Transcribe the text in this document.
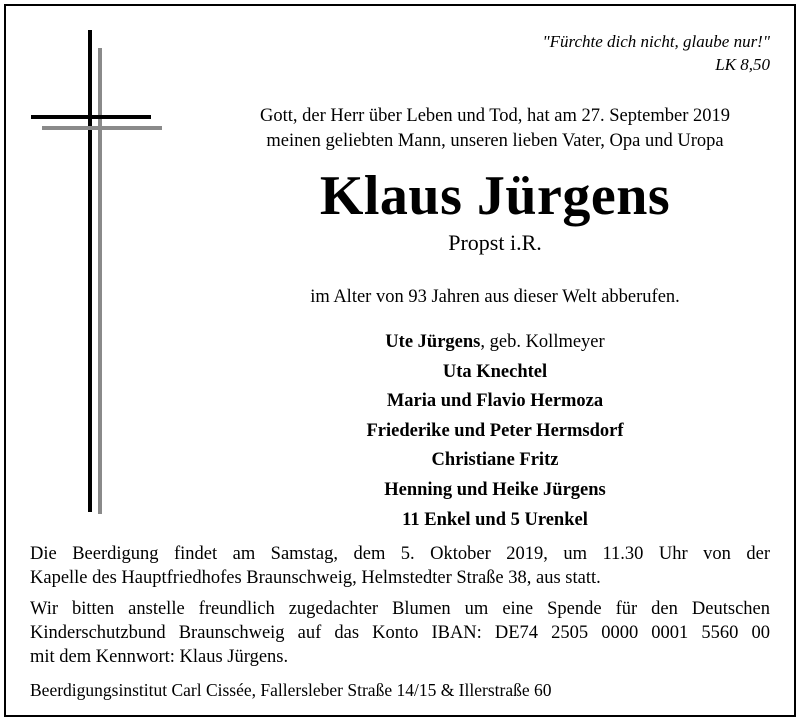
"Fürchte dich nicht, glaube nur!"
LK 8,50
Gott, der Herr über Leben und Tod, hat am 27. September 2019
meinen geliebten Mann, unseren lieben Vater, Opa und Uropa
Klaus Jürgens
Propst i.R.
im Alter von 93 Jahren aus dieser Welt abberufen.
Ute Jürgens, geb. Kollmeyer
Uta Knechtel
Maria und Flavio Hermoza
Friederike und Peter Hermsdorf
Christiane Fritz
Henning und Heike Jürgens
11 Enkel und 5 Urenkel
Die Beerdigung findet am Samstag, dem 5. Oktober 2019, um 11.30 Uhr von der
Kapelle des Hauptfriedhofes Braunschweig, Helmstedter Straße 38, aus statt.
Wir bitten anstelle freundlich zugedachter Blumen um eine Spende für den Deutschen
Kinderschutzbund Braunschweig auf das Konto IBAN: DE74 2505 0000 0001 5560 00
mit dem Kennwort: Klaus Jürgens.
Beerdigungsinstitut Carl Cissée, Fallersleber Straße 14/15 & Illerstraße 60
